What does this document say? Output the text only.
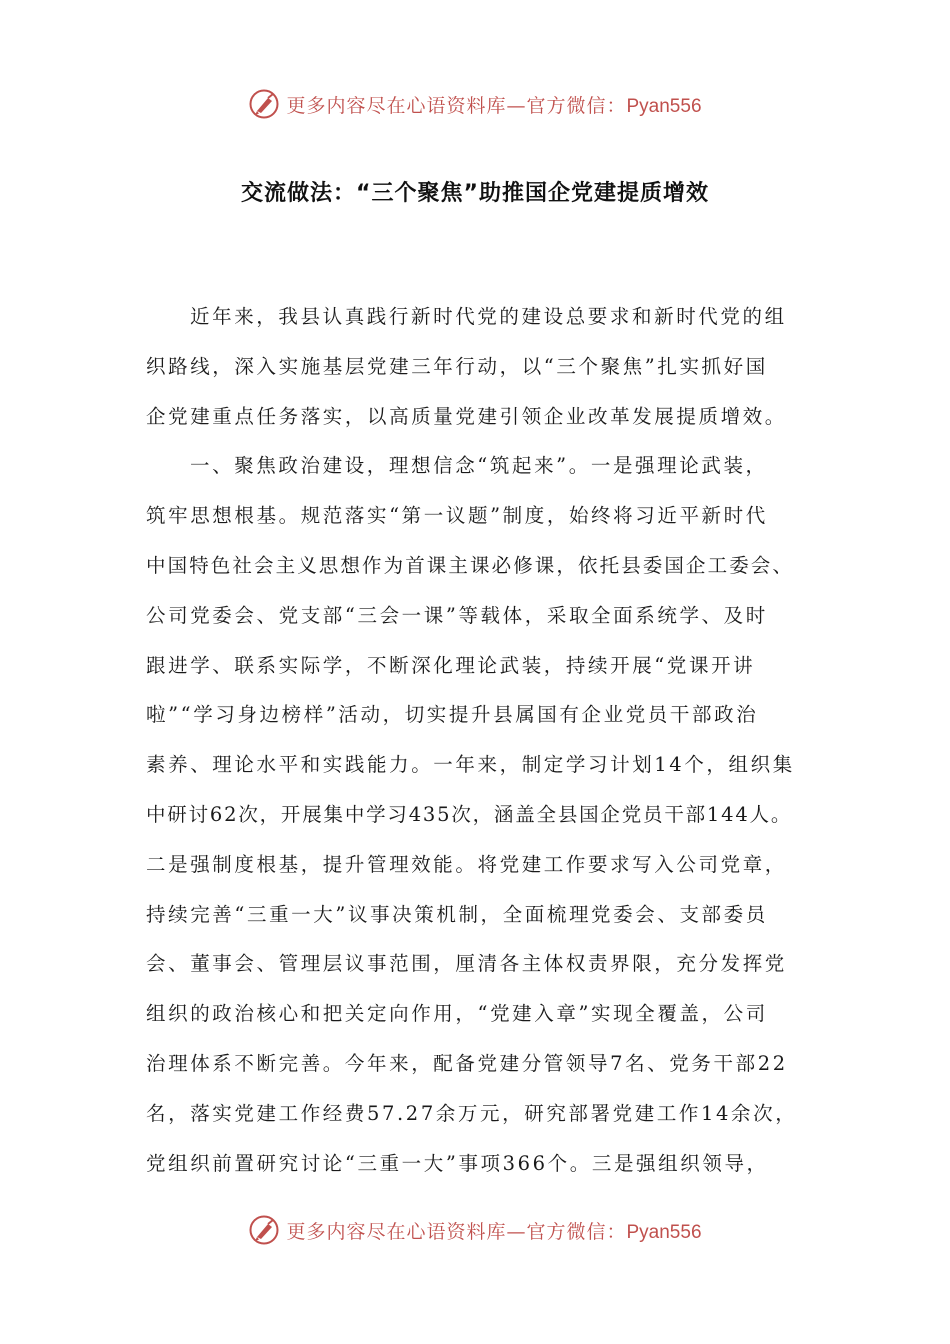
更多内容尽在心语资料库—官方微信：Pyan556
交流做法：“三个聚焦”助推国企党建提质增效
近年来，我县认真践行新时代党的建设总要求和新时代党的组
织路线，深入实施基层党建三年行动，以“三个聚焦”扎实抓好国
企党建重点任务落实，以高质量党建引领企业改革发展提质增效。
一、聚焦政治建设，理想信念“筑起来”。一是强理论武装，
筑牢思想根基。规范落实“第一议题”制度，始终将习近平新时代
中国特色社会主义思想作为首课主课必修课，依托县委国企工委会、
公司党委会、党支部“三会一课”等载体，采取全面系统学、及时
跟进学、联系实际学，不断深化理论武装，持续开展“党课开讲
啦”“学习身边榜样”活动，切实提升县属国有企业党员干部政治
素养、理论水平和实践能力。一年来，制定学习计划14个，组织集
中研讨62次，开展集中学习435次，涵盖全县国企党员干部144人。
二是强制度根基，提升管理效能。将党建工作要求写入公司党章，
持续完善“三重一大”议事决策机制，全面梳理党委会、支部委员
会、董事会、管理层议事范围，厘清各主体权责界限，充分发挥党
组织的政治核心和把关定向作用，“党建入章”实现全覆盖，公司
治理体系不断完善。今年来，配备党建分管领导7名、党务干部22
名，落实党建工作经费57.27余万元，研究部署党建工作14余次，
党组织前置研究讨论“三重一大”事项366个。三是强组织领导，
更多内容尽在心语资料库—官方微信：Pyan556
